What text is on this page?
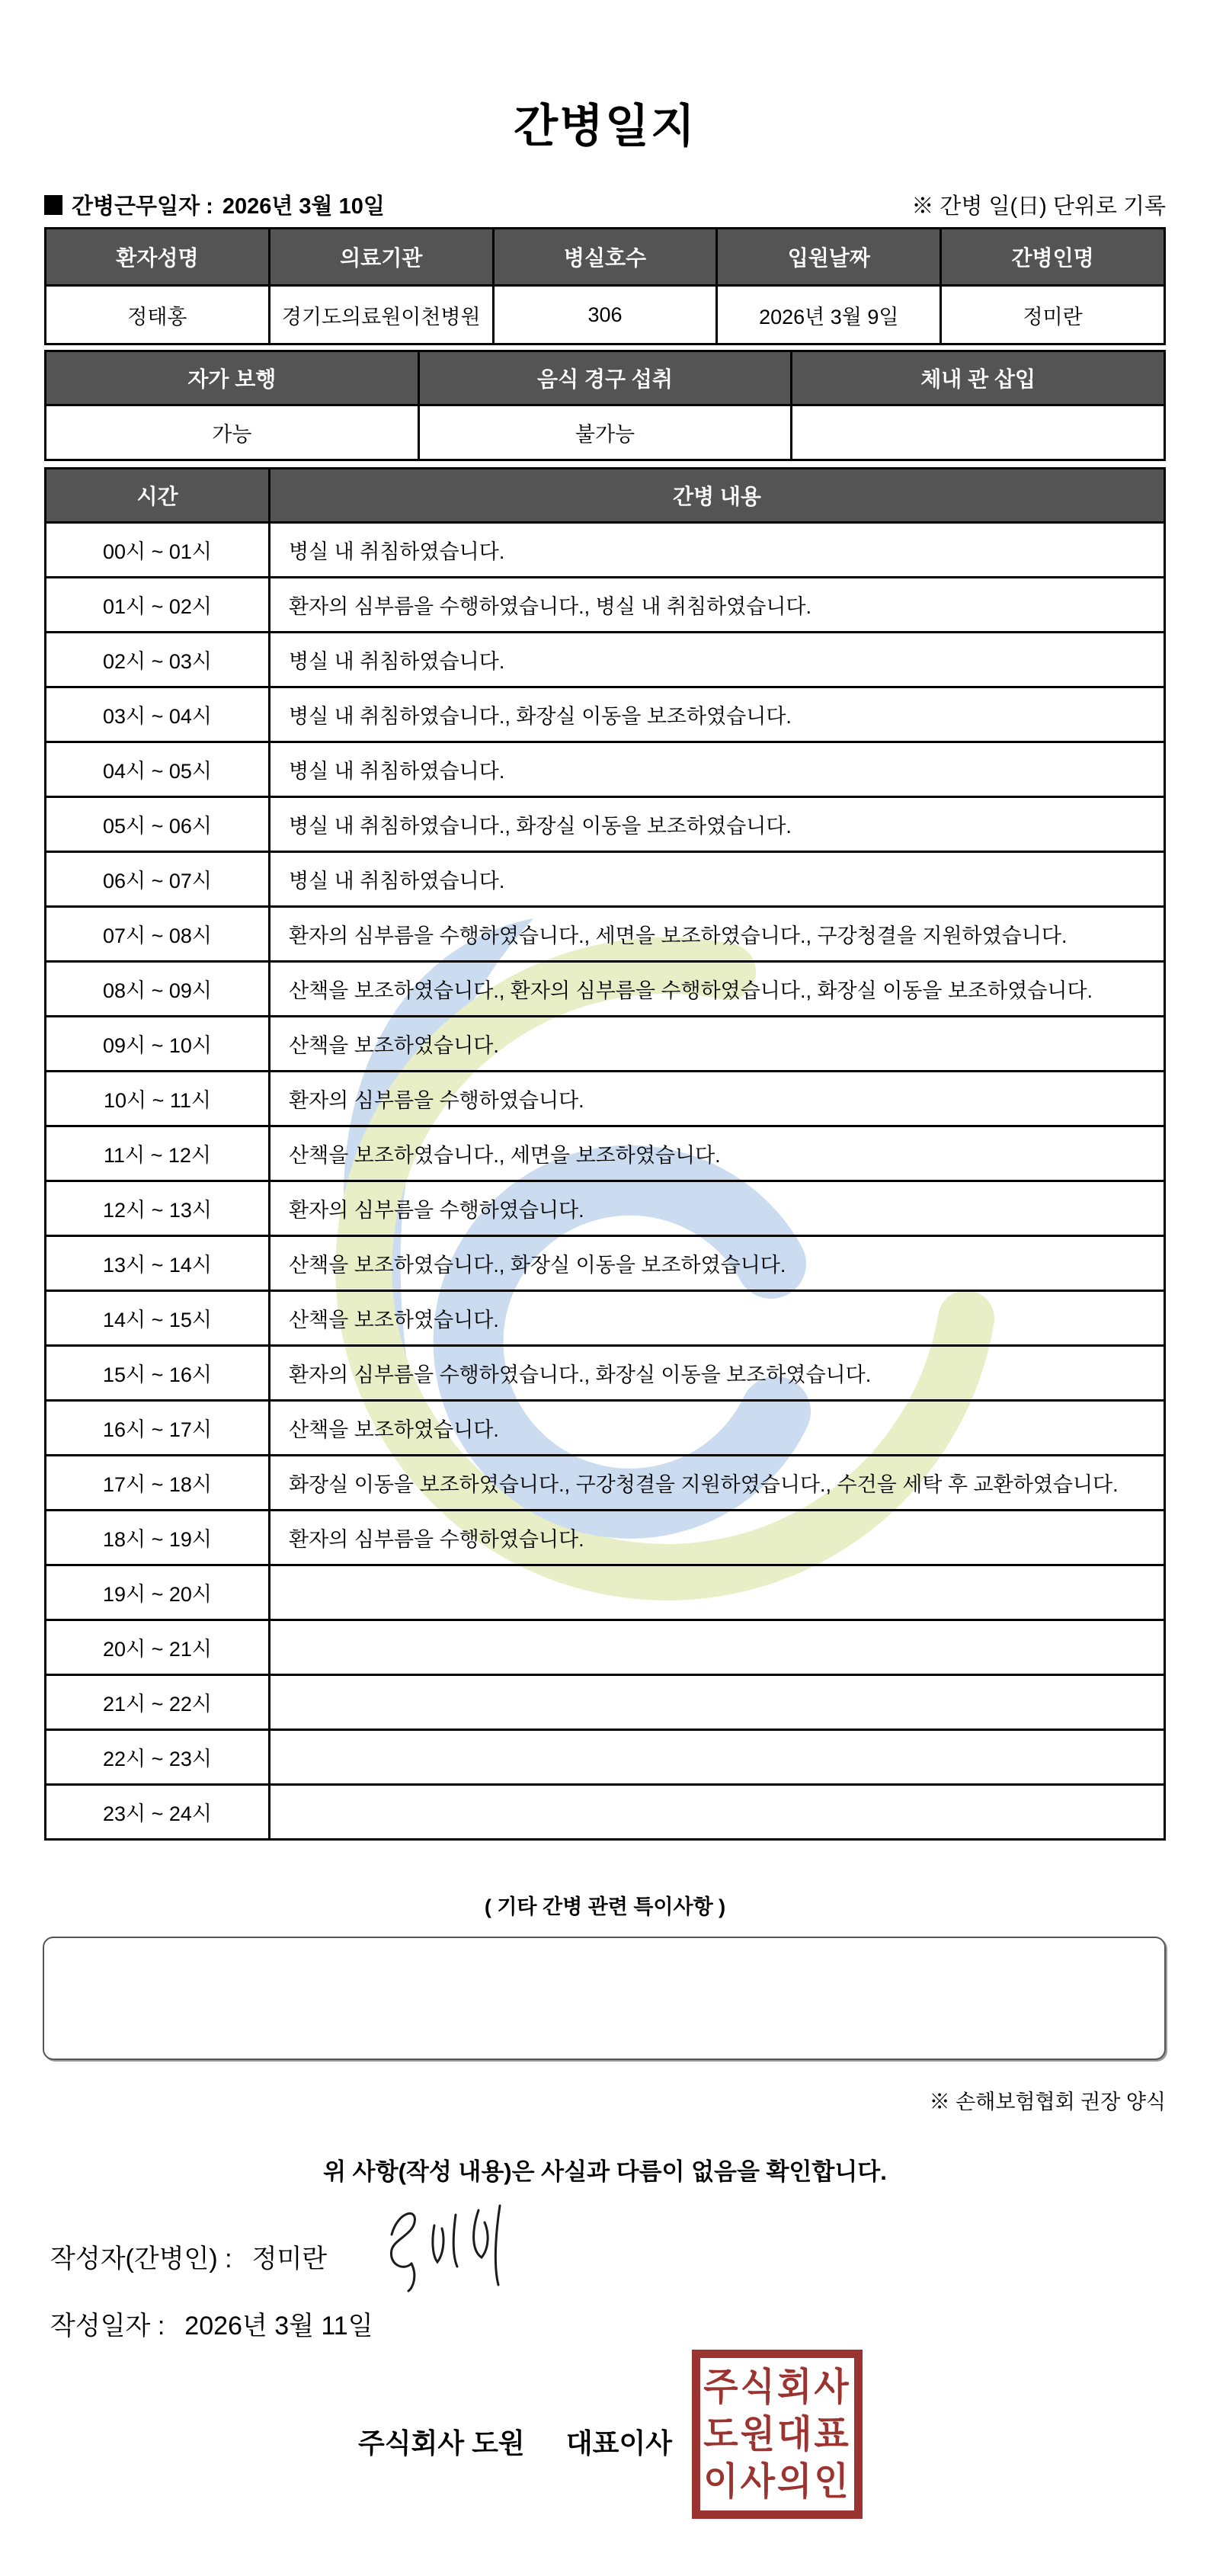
간병일지
간병근무일자 : 2026년 3월 10일	※ 간병 일(日) 단위로 기록
환자성명	의료기관	병실호수	입원날짜	간병인명
정태홍	경기도의료원이천병원	306	2026년 3월 9일	정미란
자가 보행	음식 경구 섭취	체내 관 삽입
가능	불가능	
시간	간병 내용
00시 ~ 01시	병실 내 취침하였습니다.
01시 ~ 02시	환자의 심부름을 수행하였습니다., 병실 내 취침하였습니다.
02시 ~ 03시	병실 내 취침하였습니다.
03시 ~ 04시	병실 내 취침하였습니다., 화장실 이동을 보조하였습니다.
04시 ~ 05시	병실 내 취침하였습니다.
05시 ~ 06시	병실 내 취침하였습니다., 화장실 이동을 보조하였습니다.
06시 ~ 07시	병실 내 취침하였습니다.
07시 ~ 08시	환자의 심부름을 수행하였습니다., 세면을 보조하였습니다., 구강청결을 지원하였습니다.
08시 ~ 09시	산책을 보조하였습니다., 환자의 심부름을 수행하였습니다., 화장실 이동을 보조하였습니다.
09시 ~ 10시	산책을 보조하였습니다.
10시 ~ 11시	환자의 심부름을 수행하였습니다.
11시 ~ 12시	산책을 보조하였습니다., 세면을 보조하였습니다.
12시 ~ 13시	환자의 심부름을 수행하였습니다.
13시 ~ 14시	산책을 보조하였습니다., 화장실 이동을 보조하였습니다.
14시 ~ 15시	산책을 보조하였습니다.
15시 ~ 16시	환자의 심부름을 수행하였습니다., 화장실 이동을 보조하였습니다.
16시 ~ 17시	산책을 보조하였습니다.
17시 ~ 18시	화장실 이동을 보조하였습니다., 구강청결을 지원하였습니다., 수건을 세탁 후 교환하였습니다.
18시 ~ 19시	환자의 심부름을 수행하였습니다.
19시 ~ 20시	
20시 ~ 21시	
21시 ~ 22시	
22시 ~ 23시	
23시 ~ 24시	
( 기타 간병 관련 특이사항 )
※ 손해보험협회 권장 양식
위 사항(작성 내용)은 사실과 다름이 없음을 확인합니다.
작성자(간병인) : 정미란
작성일자 : 2026년 3월 11일
주식회사 도원 대표이사
주식회사
도원대표
이사의인
